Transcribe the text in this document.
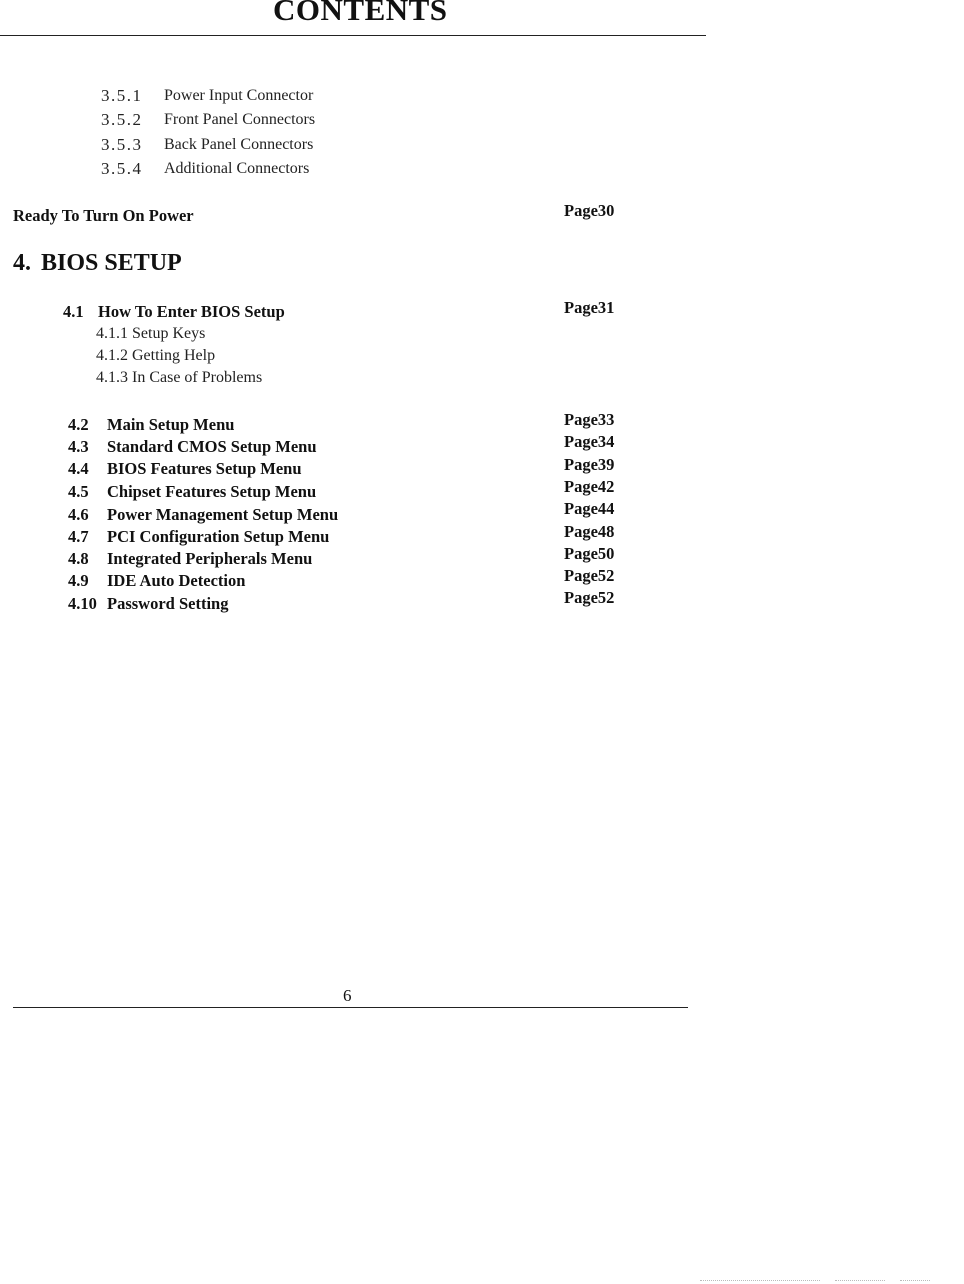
CONTENTS
3.5.1 Power Input Connector
3.5.2 Front Panel Connectors
3.5.3 Back Panel Connectors
3.5.4 Additional Connectors
Ready To Turn On Power	Page30
4. BIOS SETUP
4.1 How To Enter BIOS Setup	Page31
4.1.1 Setup Keys
4.1.2 Getting Help
4.1.3 In Case of Problems
4.2 Main Setup Menu	Page33
4.3 Standard CMOS Setup Menu	Page34
4.4 BIOS Features Setup Menu	Page39
4.5 Chipset Features Setup Menu	Page42
4.6 Power Management Setup Menu	Page44
4.7 PCI Configuration Setup Menu	Page48
4.8 Integrated Peripherals Menu	Page50
4.9 IDE Auto Detection	Page52
4.10 Password Setting	Page52
6
